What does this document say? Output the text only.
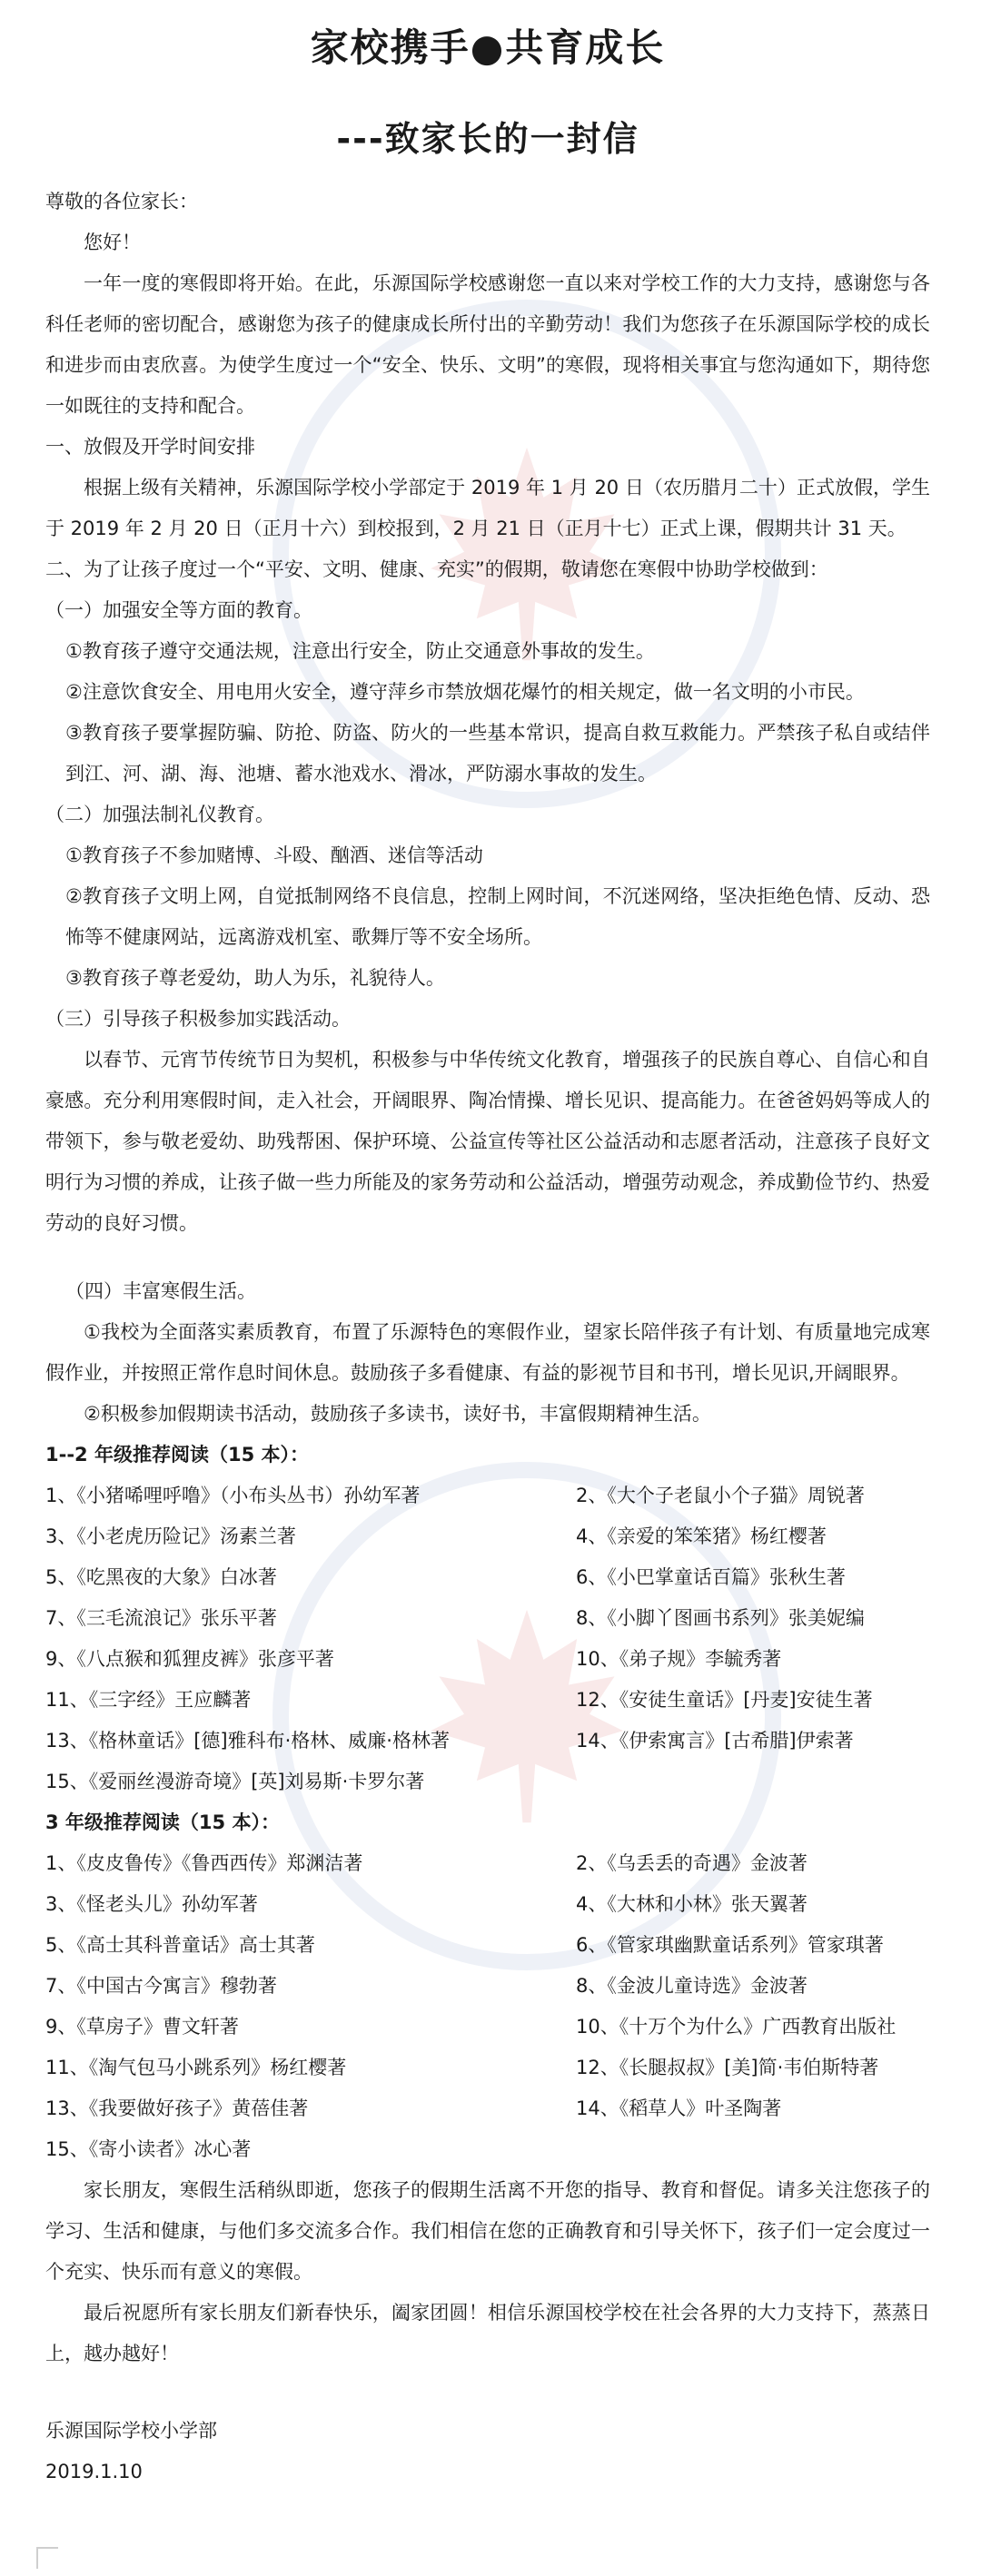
家校携手●共育成长
---致家长的一封信

尊敬的各位家长：

您好！

一年一度的寒假即将开始。在此，乐源国际学校感谢您一直以来对学校工作的大力支持，感谢您与各科任老师的密切配合，感谢您为孩子的健康成长所付出的辛勤劳动！我们为您孩子在乐源国际学校的成长和进步而由衷欣喜。为使学生度过一个“安全、快乐、文明”的寒假，现将相关事宜与您沟通如下，期待您一如既往的支持和配合。

一、放假及开学时间安排

根据上级有关精神，乐源国际学校小学部定于 2019 年 1 月 20 日（农历腊月二十）正式放假，学生于 2019 年 2 月 20 日（正月十六）到校报到，2 月 21 日（正月十七）正式上课，假期共计 31 天。

二、为了让孩子度过一个“平安、文明、健康、充实”的假期，敬请您在寒假中协助学校做到：

（一）加强安全等方面的教育。

①教育孩子遵守交通法规，注意出行安全，防止交通意外事故的发生。

②注意饮食安全、用电用火安全，遵守萍乡市禁放烟花爆竹的相关规定，做一名文明的小市民。

③教育孩子要掌握防骗、防抢、防盗、防火的一些基本常识，提高自救互救能力。严禁孩子私自或结伴到江、河、湖、海、池塘、蓄水池戏水、滑冰，严防溺水事故的发生。

（二）加强法制礼仪教育。

①教育孩子不参加赌博、斗殴、酗酒、迷信等活动

②教育孩子文明上网，自觉抵制网络不良信息，控制上网时间，不沉迷网络，坚决拒绝色情、反动、恐怖等不健康网站，远离游戏机室、歌舞厅等不安全场所。

③教育孩子尊老爱幼，助人为乐，礼貌待人。

（三）引导孩子积极参加实践活动。

以春节、元宵节传统节日为契机，积极参与中华传统文化教育，增强孩子的民族自尊心、自信心和自豪感。充分利用寒假时间，走入社会，开阔眼界、陶冶情操、增长见识、提高能力。在爸爸妈妈等成人的带领下，参与敬老爱幼、助残帮困、保护环境、公益宣传等社区公益活动和志愿者活动，注意孩子良好文明行为习惯的养成，让孩子做一些力所能及的家务劳动和公益活动，增强劳动观念，养成勤俭节约、热爱劳动的良好习惯。

（四）丰富寒假生活。

①我校为全面落实素质教育，布置了乐源特色的寒假作业，望家长陪伴孩子有计划、有质量地完成寒假作业，并按照正常作息时间休息。鼓励孩子多看健康、有益的影视节目和书刊，增长见识,开阔眼界。

②积极参加假期读书活动，鼓励孩子多读书，读好书，丰富假期精神生活。

1--2 年级推荐阅读（15 本）：

1、《小猪唏哩呼噜》（小布头丛书）孙幼军著	2、《大个子老鼠小个子猫》周锐著

3、《小老虎历险记》汤素兰著	4、《亲爱的笨笨猪》杨红樱著

5、《吃黑夜的大象》白冰著	6、《小巴掌童话百篇》张秋生著

7、《三毛流浪记》张乐平著	8、《小脚丫图画书系列》张美妮编

9、《八点猴和狐狸皮裤》张彦平著	10、《弟子规》李毓秀著

11、《三字经》王应麟著	12、《安徒生童话》[丹麦]安徒生著

13、《格林童话》[德]雅科布·格林、威廉·格林著	14、《伊索寓言》[古希腊]伊索著

15、《爱丽丝漫游奇境》[英]刘易斯·卡罗尔著

3 年级推荐阅读（15 本）：

1、《皮皮鲁传》《鲁西西传》郑渊洁著	2、《乌丢丢的奇遇》金波著

3、《怪老头儿》孙幼军著	4、《大林和小林》张天翼著

5、《高士其科普童话》高士其著	6、《管家琪幽默童话系列》管家琪著

7、《中国古今寓言》穆勃著	8、《金波儿童诗选》金波著

9、《草房子》曹文轩著	10、《十万个为什么》广西教育出版社

11、《淘气包马小跳系列》杨红樱著	12、《长腿叔叔》[美]简·韦伯斯特著

13、《我要做好孩子》黄蓓佳著	14、《稻草人》叶圣陶著

15、《寄小读者》冰心著

家长朋友，寒假生活稍纵即逝，您孩子的假期生活离不开您的指导、教育和督促。请多关注您孩子的学习、生活和健康，与他们多交流多合作。我们相信在您的正确教育和引导关怀下，孩子们一定会度过一个充实、快乐而有意义的寒假。

最后祝愿所有家长朋友们新春快乐，阖家团圆！相信乐源国校学校在社会各界的大力支持下，蒸蒸日上，越办越好！

乐源国际学校小学部

2019.1.10
